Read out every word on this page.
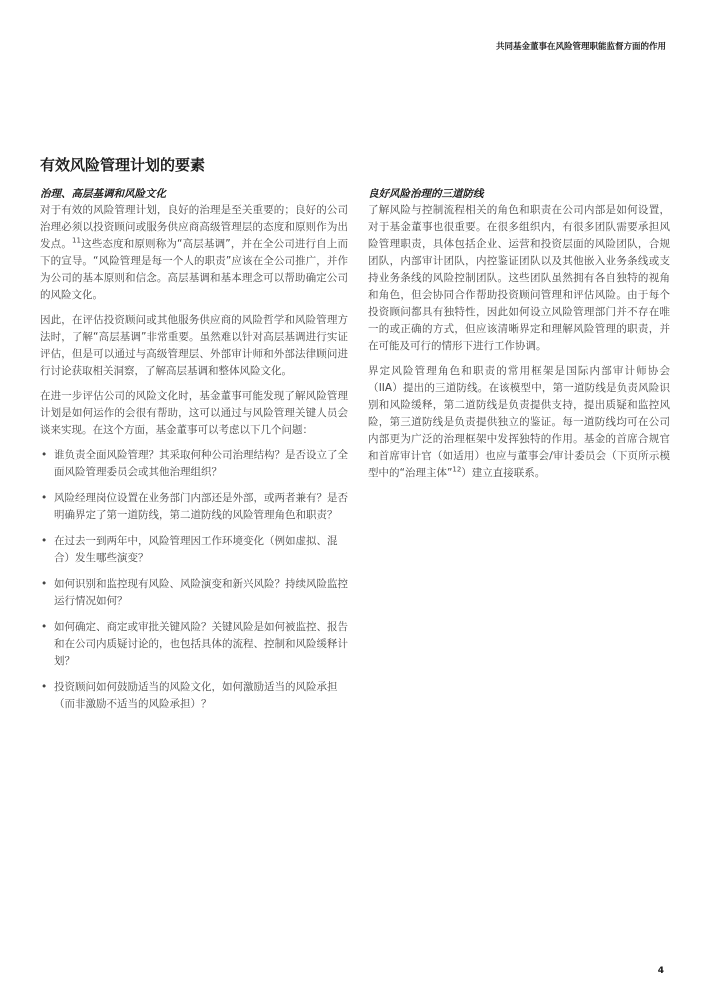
共同基金董事在风险管理职能监督方面的作用
有效风险管理计划的要素
治理、高层基调和风险文化

对于有效的风险管理计划，良好的治理是至关重要的；良好的公司治理必须以投资顾问或服务供应商高级管理层的态度和原则作为出发点。$^{11}$这些态度和原则称为“高层基调”，并在全公司进行自上而下的宣导。“风险管理是每一个人的职责”应该在全公司推广，并作为公司的基本原则和信念。高层基调和基本理念可以帮助确定公司的风险文化。

因此，在评估投资顾问或其他服务供应商的风险哲学和风险管理方法时，了解“高层基调”非常重要。虽然难以针对高层基调进行实证评估，但是可以通过与高级管理层、外部审计师和外部法律顾问进行讨论获取相关洞察，了解高层基调和整体风险文化。

在进一步评估公司的风险文化时，基金董事可能发现了解风险管理计划是如何运作的会很有帮助，这可以通过与风险管理关键人员会谈来实现。在这个方面，基金董事可以考虑以下几个问题：

• 谁负责全面风险管理？其采取何种公司治理结构？是否设立了全面风险管理委员会或其他治理组织？
• 风险经理岗位设置在业务部门内部还是外部，或两者兼有？是否明确界定了第一道防线，第二道防线的风险管理角色和职责？
• 在过去一到两年中，风险管理因工作环境变化（例如虚拟、混合）发生哪些演变？
• 如何识别和监控现有风险、风险演变和新兴风险？持续风险监控运行情况如何？
• 如何确定、商定或审批关键风险？关键风险是如何被监控、报告和在公司内质疑讨论的，也包括具体的流程、控制和风险缓释计划？
• 投资顾问如何鼓励适当的风险文化，如何激励适当的风险承担（而非激励不适当的风险承担）？
良好风险治理的三道防线

了解风险与控制流程相关的角色和职责在公司内部是如何设置，对于基金董事也很重要。在很多组织内，有很多团队需要承担风险管理职责，具体包括企业、运营和投资层面的风险团队，合规团队，内部审计团队，内控鉴证团队以及其他嵌入业务条线或支持业务条线的风险控制团队。这些团队虽然拥有各自独特的视角和角色，但会协同合作帮助投资顾问管理和评估风险。由于每个投资顾问都具有独特性，因此如何设立风险管理部门并不存在唯一的或正确的方式，但应该清晰界定和理解风险管理的职责，并在可能及可行的情形下进行工作协调。

界定风险管理角色和职责的常用框架是国际内部审计师协会（IIA）提出的三道防线。在该模型中，第一道防线是负责风险识别和风险缓释，第二道防线是负责提供支持，提出质疑和监控风险，第三道防线是负责提供独立的鉴证。每一道防线均可在公司内部更为广泛的治理框架中发挥独特的作用。基金的首席合规官和首席审计官（如适用）也应与董事会/审计委员会（下页所示模型中的“治理主体”$^{12}$）建立直接联系。

4
